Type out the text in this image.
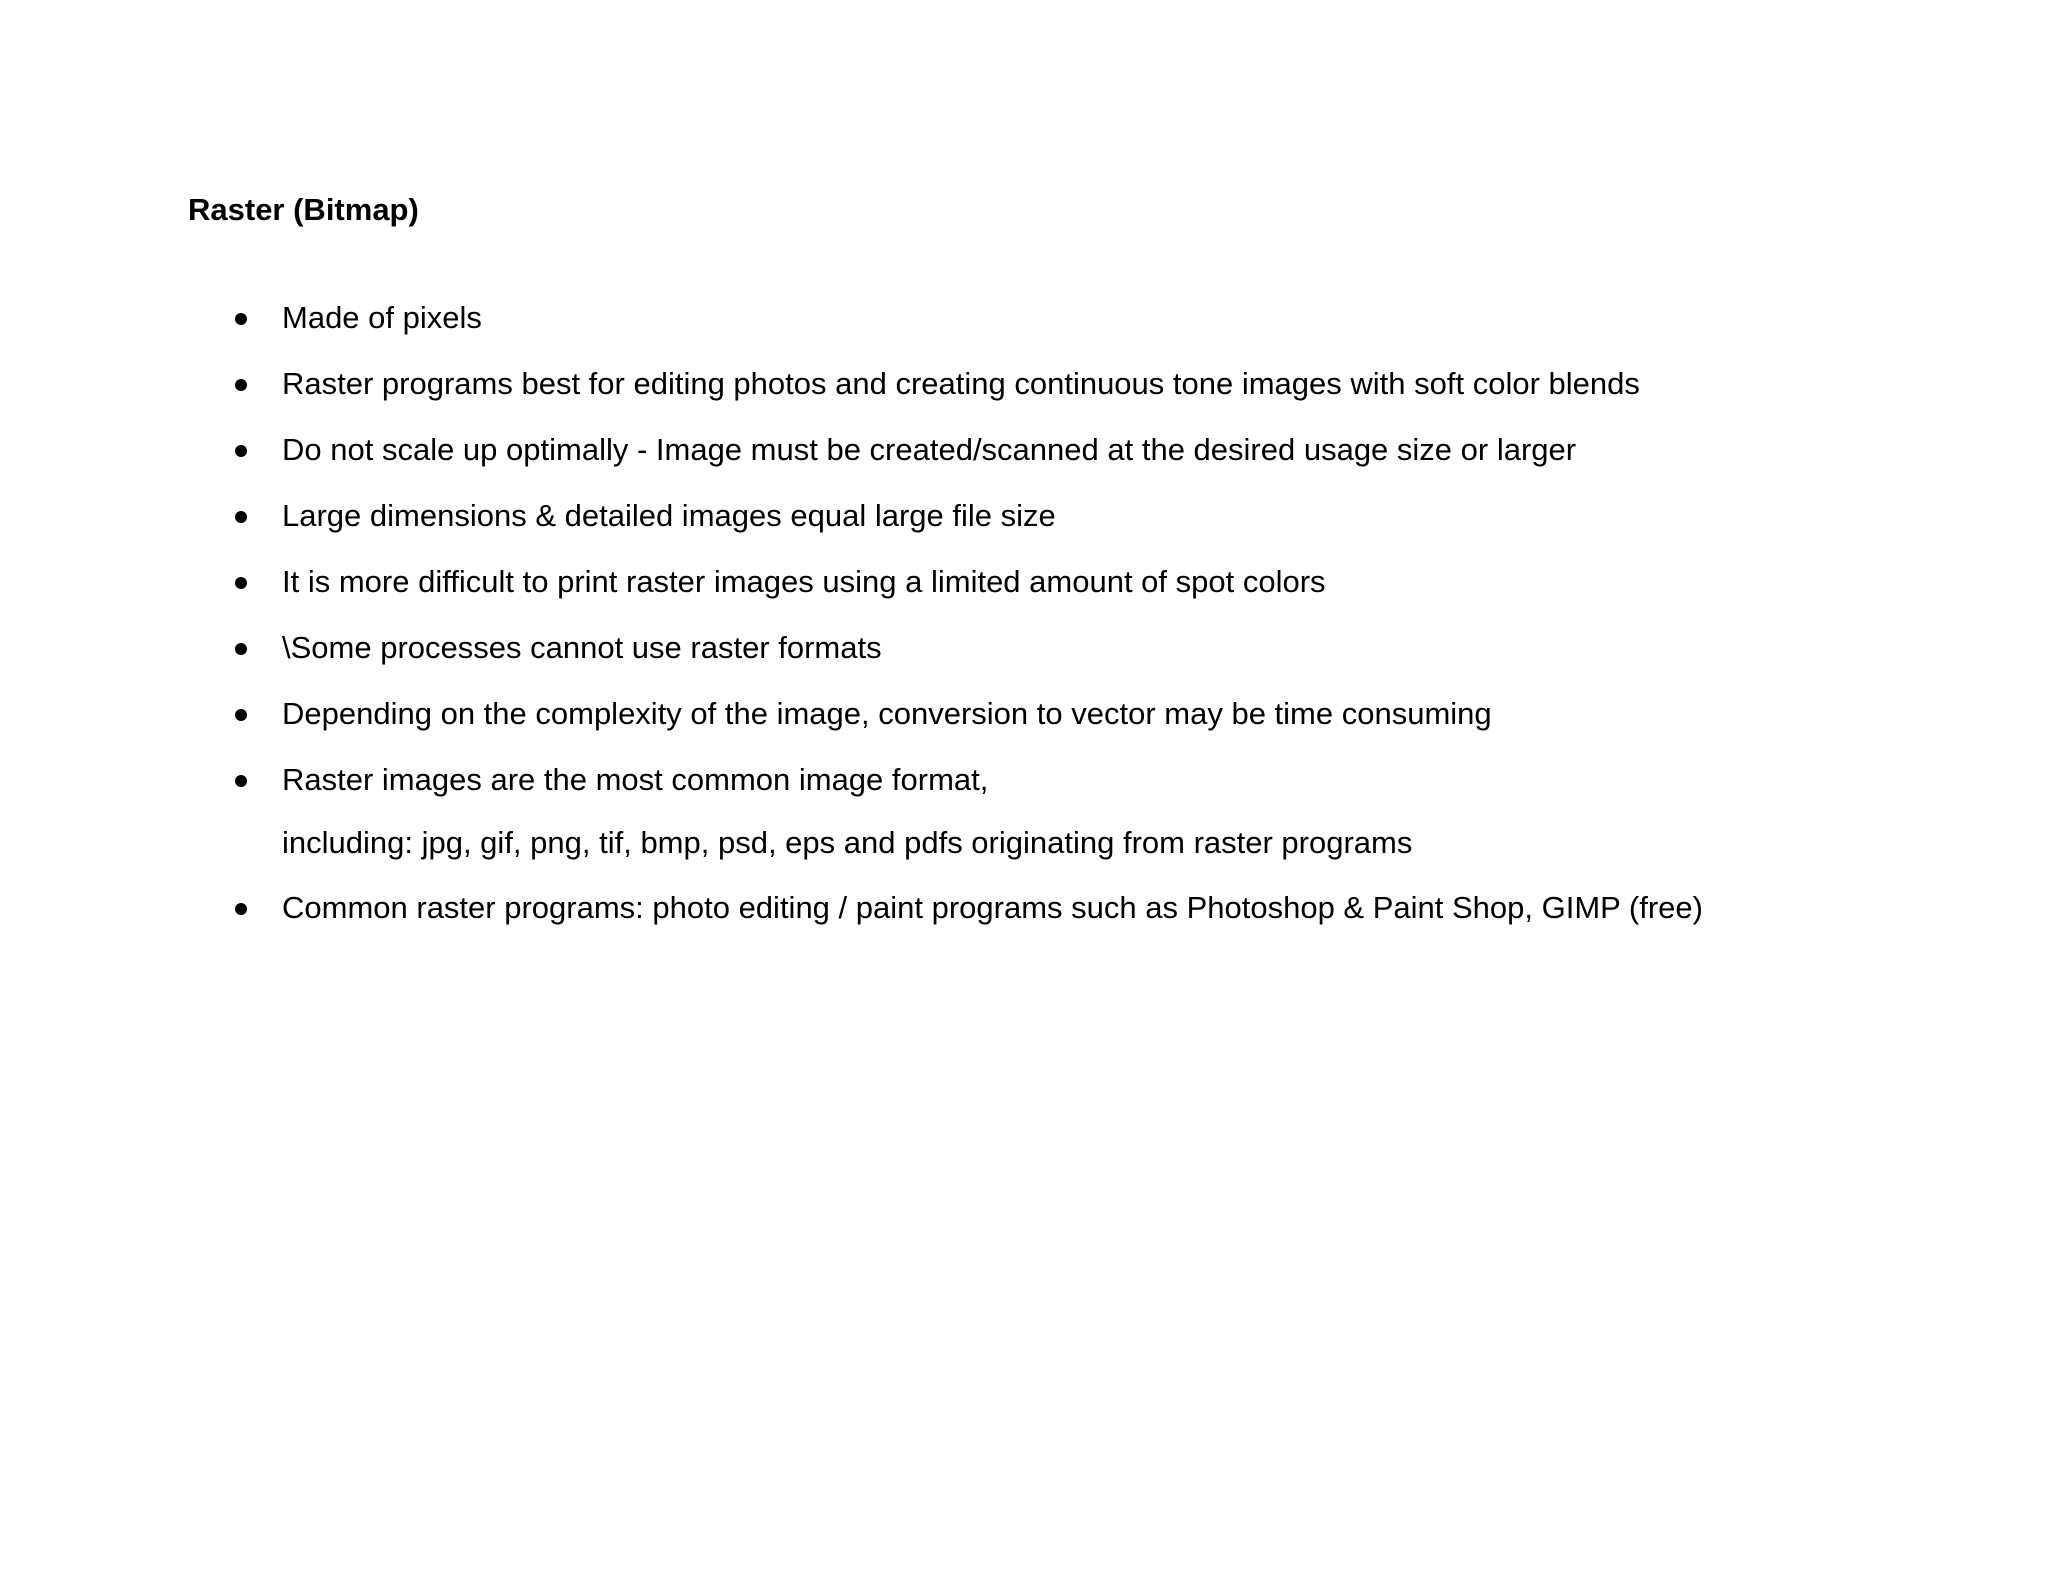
Raster (Bitmap)
Made of pixels
Raster programs best for editing photos and creating continuous tone images with soft color blends
Do not scale up optimally - Image must be created/scanned at the desired usage size or larger
Large dimensions & detailed images equal large file size
It is more difficult to print raster images using a limited amount of spot colors
\Some processes cannot use raster formats
Depending on the complexity of the image, conversion to vector may be time consuming
Raster images are the most common image format,
Common raster programs: photo editing / paint programs such as Photoshop & Paint Shop, GIMP (free)
including: jpg, gif, png, tif, bmp, psd, eps and pdfs originating from raster programs
